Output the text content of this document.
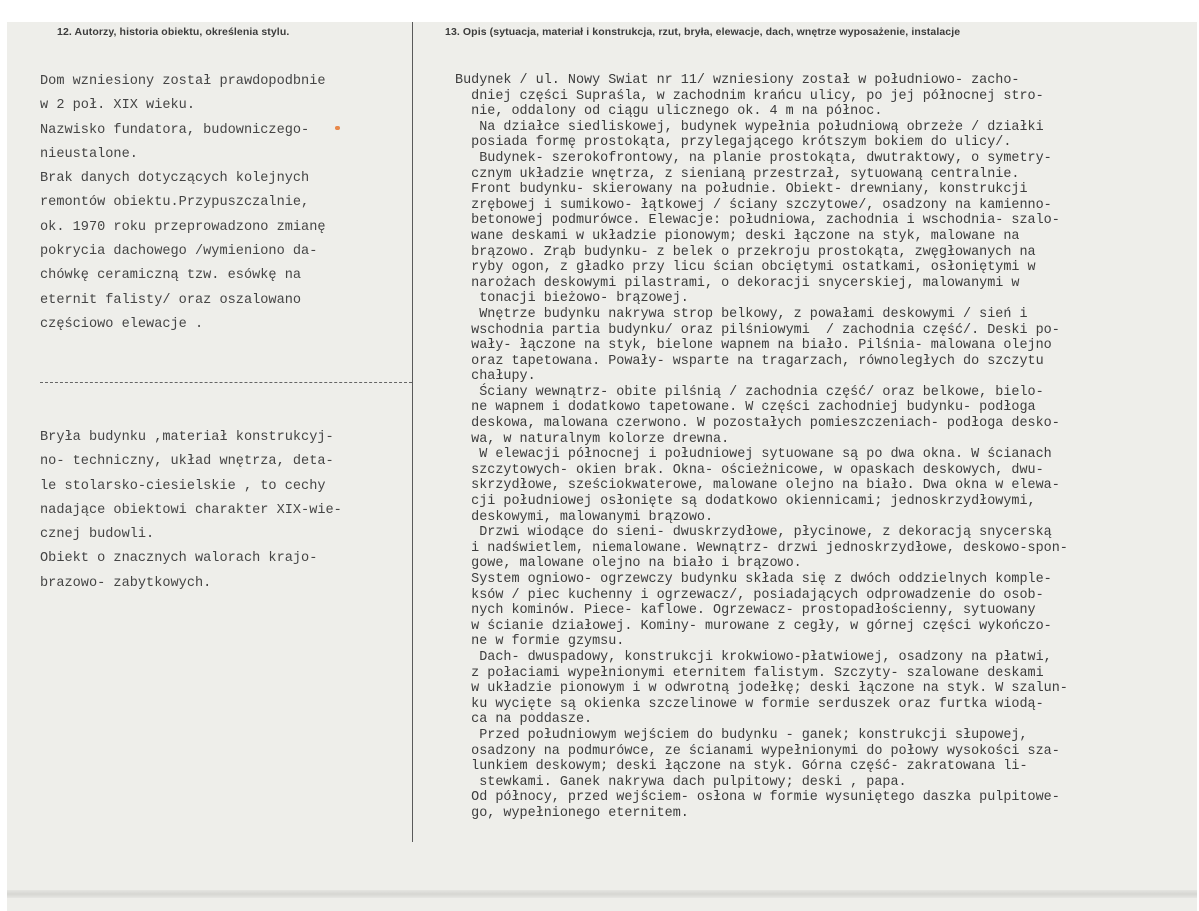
12. Autorzy, historia obiektu, określenia stylu.	13. Opis (sytuacja, materiał i konstrukcja, rzut, bryła, elewacje, dach, wnętrze wyposażenie, instalacje
Dom wzniesiony został prawdopodbnie
w 2 poł. XIX wieku.
Nazwisko fundatora, budowniczego-
nieustalone.
Brak danych dotyczących kolejnych
remontów obiektu.Przypuszczalnie,
ok. 1970 roku przeprowadzono zmianę
pokrycia dachowego /wymieniono da-
chówkę ceramiczną tzw. esówkę na
eternit falisty/ oraz oszalowano
częściowo elewacje .
Bryła budynku ,materiał konstrukcyj-
no- techniczny, układ wnętrza, deta-
le stolarsko-ciesielskie , to cechy
nadające obiektowi charakter XIX-wie-
cznej budowli.
Obiekt o znacznych walorach krajo-
brazowo- zabytkowych.
Budynek / ul. Nowy Świat nr 11/ wzniesiony został w południowo- zacho-
dniej części Supraśla, w zachodnim krańcu ulicy, po jej północnej stro-
nie, oddalony od ciągu ulicznego ok. 4 m na północ.
Na działce siedliskowej, budynek wypełnia południową obrzeże / działki
posiada formę prostokąta, przylegającego krótszym bokiem do ulicy/.
Budynek- szerokofrontowy, na planie prostokąta, dwutraktowy, o symetry-
cznym układzie wnętrza, z sienianą przestrzał, sytuowaną centralnie.
Front budynku- skierowany na południe. Obiekt- drewniany, konstrukcji
zrębowej i sumikowo- łątkowej / ściany szczytowe/, osadzony na kamienno-
betonowej podmurówce. Elewacje: południowa, zachodnia i wschodnia- szalo-
wane deskami w układzie pionowym; deski łączone na styk, malowane na
brązowo. Zrąb budynku- z belek o przekroju prostokąta, zwęgłowanych na
ryby ogon, z gładko przy licu ścian obciętymi ostatkami, osłoniętymi w
narożach deskowymi pilastrami, o dekoracji snycerskiej, malowanymi w
tonacji bieżowo- brązowej.
Wnętrze budynku nakrywa strop belkowy, z powałami deskowymi / sień i
wschodnia partia budynku/ oraz pilśniowymi  / zachodnia część/. Deski po-
wały- łączone na styk, bielone wapnem na biało. Pilśnia- malowana olejno
oraz tapetowana. Powały- wsparte na tragarzach, równoległych do szczytu
chałupy.
Ściany wewnątrz- obite pilśnią / zachodnia część/ oraz belkowe, bielo-
ne wapnem i dodatkowo tapetowane. W części zachodniej budynku- podłoga
deskowa, malowana czerwono. W pozostałych pomieszczeniach- podłoga desko-
wa, w naturalnym kolorze drewna.
W elewacji północnej i południowej sytuowane są po dwa okna. W ścianach
szczytowych- okien brak. Okna- ościeżnicowe, w opaskach deskowych, dwu-
skrzydłowe, sześciokwaterowe, malowane olejno na biało. Dwa okna w elewa-
cji południowej osłonięte są dodatkowo okiennicami; jednoskrzydłowymi,
deskowymi, malowanymi brązowo.
Drzwi wiodące do sieni- dwuskrzydłowe, płycinowe, z dekoracją snycerską
i nadświetlem, niemalowane. Wewnątrz- drzwi jednoskrzydłowe, deskowo-spon-
gowe, malowane olejno na biało i brązowo.
System ogniowo- ogrzewczy budynku składa się z dwóch oddzielnych komple-
ksów / piec kuchenny i ogrzewacz/, posiadających odprowadzenie do osob-
nych kominów. Piece- kaflowe. Ogrzewacz- prostopadłościenny, sytuowany
w ścianie działowej. Kominy- murowane z cegły, w górnej części wykończo-
ne w formie gzymsu.
Dach- dwuspadowy, konstrukcji krokwiowo-płatwiowej, osadzony na płatwi,
z połaciami wypełnionymi eternitem falistym. Szczyty- szalowane deskami
w układzie pionowym i w odwrotną jodełkę; deski łączone na styk. W szalun-
ku wycięte są okienka szczelinowe w formie serduszek oraz furtka wiodą-
ca na poddasze.
Przed południowym wejściem do budynku - ganek; konstrukcji słupowej,
osadzony na podmurówce, ze ścianami wypełnionymi do połowy wysokości sza-
lunkiem deskowym; deski łączone na styk. Górna część- zakratowana li-
stewkami. Ganek nakrywa dach pulpitowy; deski , papa.
Od północy, przed wejściem- osłona w formie wysuniętego daszka pulpitowe-
go, wypełnionego eternitem.
